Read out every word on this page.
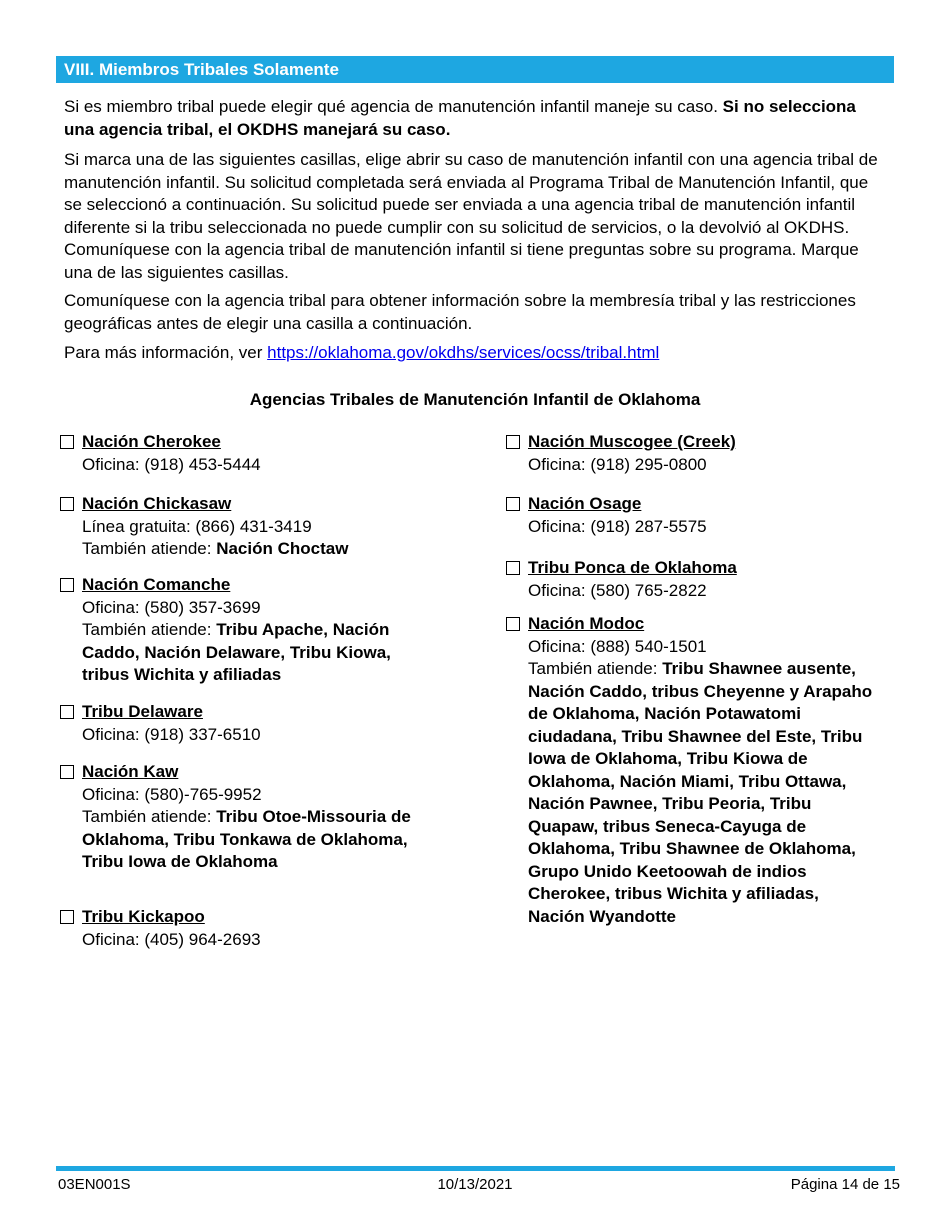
VIII. Miembros Tribales Solamente

Si es miembro tribal puede elegir qué agencia de manutención infantil maneje su caso. Si no selecciona una agencia tribal, el OKDHS manejará su caso.

Si marca una de las siguientes casillas, elige abrir su caso de manutención infantil con una agencia tribal de manutención infantil. Su solicitud completada será enviada al Programa Tribal de Manutención Infantil, que se seleccionó a continuación. Su solicitud puede ser enviada a una agencia tribal de manutención infantil diferente si la tribu seleccionada no puede cumplir con su solicitud de servicios, o la devolvió al OKDHS. Comuníquese con la agencia tribal de manutención infantil si tiene preguntas sobre su programa. Marque una de las siguientes casillas.

Comuníquese con la agencia tribal para obtener información sobre la membresía tribal y las restricciones geográficas antes de elegir una casilla a continuación.

Para más información, ver https://oklahoma.gov/okdhs/services/ocss/tribal.html

Agencias Tribales de Manutención Infantil de Oklahoma
Nación Cherokee
Oficina: (918) 453-5444
Nación Chickasaw
Línea gratuita: (866) 431-3419
También atiende: Nación Choctaw
Nación Comanche
Oficina: (580) 357-3699
También atiende: Tribu Apache, Nación Caddo, Nación Delaware, Tribu Kiowa, tribus Wichita y afiliadas
Tribu Delaware
Oficina: (918) 337-6510
Nación Kaw
Oficina: (580)-765-9952
También atiende: Tribu Otoe-Missouria de Oklahoma, Tribu Tonkawa de Oklahoma, Tribu Iowa de Oklahoma
Tribu Kickapoo
Oficina: (405) 964-2693
Nación Muscogee (Creek)
Oficina: (918) 295-0800
Nación Osage
Oficina: (918) 287-5575
Tribu Ponca de Oklahoma
Oficina: (580) 765-2822
Nación Modoc
Oficina: (888) 540-1501
También atiende: Tribu Shawnee ausente, Nación Caddo, tribus Cheyenne y Arapaho de Oklahoma, Nación Potawatomi ciudadana, Tribu Shawnee del Este, Tribu Iowa de Oklahoma, Tribu Kiowa de Oklahoma, Nación Miami, Tribu Ottawa, Nación Pawnee, Tribu Peoria, Tribu Quapaw, tribus Seneca-Cayuga de Oklahoma, Tribu Shawnee de Oklahoma, Grupo Unido Keetoowah de indios Cherokee, tribus Wichita y afiliadas, Nación Wyandotte
03EN001S	10/13/2021	Página 14 de 15
